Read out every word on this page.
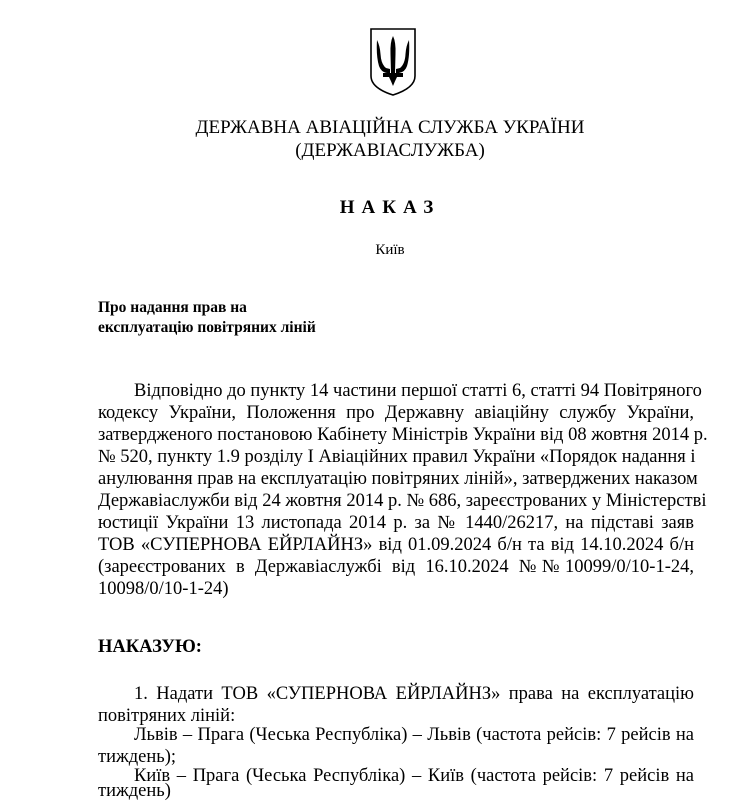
ДЕРЖАВНА АВІАЦІЙНА СЛУЖБА УКРАЇНИ
(ДЕРЖАВІАСЛУЖБА)
НАКАЗ
Київ
Про надання прав на
експлуатацію повітряних ліній
Відповідно до пункту 14 частини першої статті 6, статті 94 Повітряного
кодексу України, Положення про Державну авіаційну службу України,
затвердженого постановою Кабінету Міністрів України від 08 жовтня 2014 р.
№ 520, пункту 1.9 розділу I Авіаційних правил України «Порядок надання і
анулювання прав на експлуатацію повітряних ліній», затверджених наказом
Державіаслужби від 24 жовтня 2014 р. № 686, зареєстрованих у Міністерстві
юстиції України 13 листопада 2014 р. за № 1440/26217, на підставі заяв
ТОВ «СУПЕРНОВА ЕЙРЛАЙНЗ» від 01.09.2024 б/н та від 14.10.2024 б/н
(зареєстрованих в Державіаслужбі від 16.10.2024 №№10099/0/10-1-24,
10098/0/10-1-24)
НАКАЗУЮ:
1. Надати ТОВ «СУПЕРНОВА ЕЙРЛАЙНЗ» права на експлуатацію
повітряних ліній:
Львів – Прага (Чеська Республіка) – Львів (частота рейсів: 7 рейсів на
тиждень);
Київ – Прага (Чеська Республіка) – Київ (частота рейсів: 7 рейсів на
тиждень)
